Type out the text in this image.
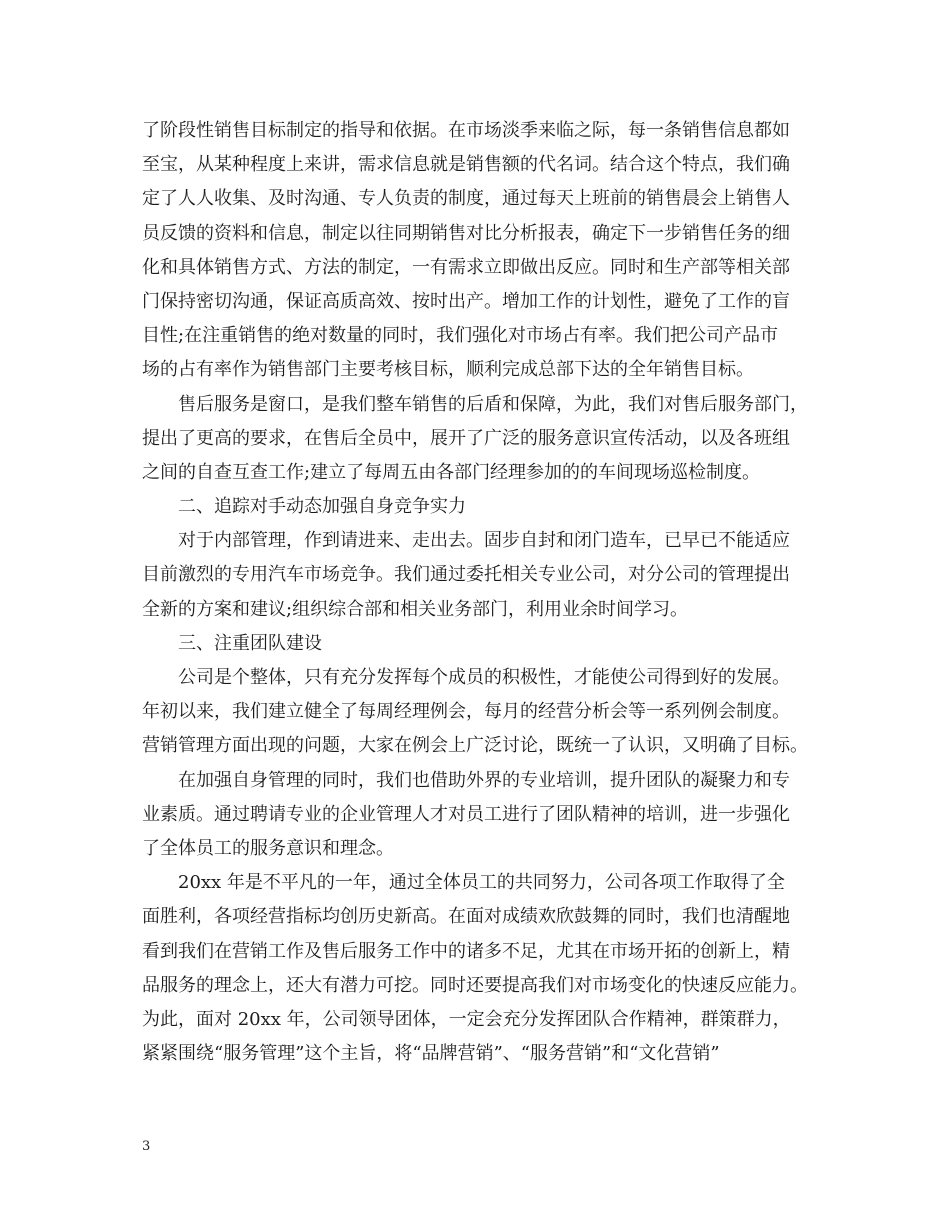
了阶段性销售目标制定的指导和依据。在市场淡季来临之际，每一条销售信息都如
至宝，从某种程度上来讲，需求信息就是销售额的代名词。结合这个特点，我们确
定了人人收集、及时沟通、专人负责的制度，通过每天上班前的销售晨会上销售人
员反馈的资料和信息，制定以往同期销售对比分析报表，确定下一步销售任务的细
化和具体销售方式、方法的制定，一有需求立即做出反应。同时和生产部等相关部
门保持密切沟通，保证高质高效、按时出产。增加工作的计划性，避免了工作的盲
目性;在注重销售的绝对数量的同时，我们强化对市场占有率。我们把公司产品市
场的占有率作为销售部门主要考核目标，顺利完成总部下达的全年销售目标。
售后服务是窗口，是我们整车销售的后盾和保障，为此，我们对售后服务部门，
提出了更高的要求，在售后全员中，展开了广泛的服务意识宣传活动，以及各班组
之间的自查互查工作;建立了每周五由各部门经理参加的的车间现场巡检制度。
二、追踪对手动态加强自身竞争实力
对于内部管理，作到请进来、走出去。固步自封和闭门造车，已早已不能适应
目前激烈的专用汽车市场竞争。我们通过委托相关专业公司，对分公司的管理提出
全新的方案和建议;组织综合部和相关业务部门，利用业余时间学习。
三、注重团队建设
公司是个整体，只有充分发挥每个成员的积极性，才能使公司得到好的发展。
年初以来，我们建立健全了每周经理例会，每月的经营分析会等一系列例会制度。
营销管理方面出现的问题，大家在例会上广泛讨论，既统一了认识，又明确了目标。
在加强自身管理的同时，我们也借助外界的专业培训，提升团队的凝聚力和专
业素质。通过聘请专业的企业管理人才对员工进行了团队精神的培训，进一步强化
了全体员工的服务意识和理念。
20xx 年是不平凡的一年，通过全体员工的共同努力，公司各项工作取得了全
面胜利，各项经营指标均创历史新高。在面对成绩欢欣鼓舞的同时，我们也清醒地
看到我们在营销工作及售后服务工作中的诸多不足，尤其在市场开拓的创新上，精
品服务的理念上，还大有潜力可挖。同时还要提高我们对市场变化的快速反应能力。
为此，面对 20xx 年，公司领导团体，一定会充分发挥团队合作精神，群策群力，
紧紧围绕“服务管理”这个主旨，将“品牌营销”、“服务营销”和“文化营销”
3
